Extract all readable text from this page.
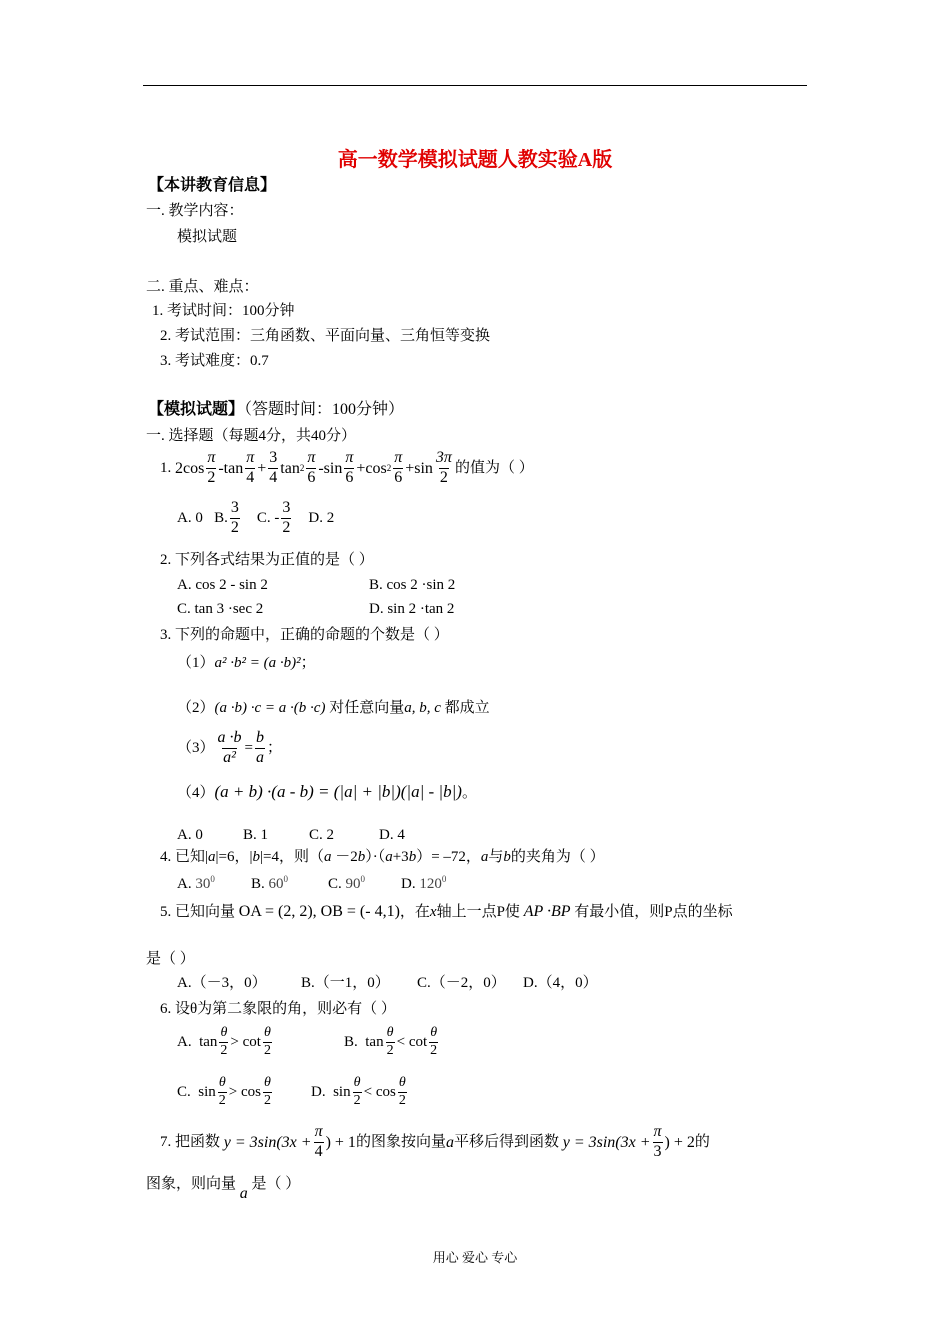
高一数学模拟试题人教实验A版
【本讲教育信息】
一. 教学内容：
模拟试题
二. 重点、难点：
1. 考试时间：100分钟
2. 考试范围：三角函数、平面向量、三角恒等变换
3. 考试难度：0.7
【模拟试题】（答题时间：100分钟）
一. 选择题（每题4分，共40分）
1.
$2\cos \frac{\pi}{2} - \tan \frac{\pi}{4} + \frac{3}{4}$ $\tan 2 \frac{\pi}{6} - \sin \frac{\pi}{6} + \cos 2 \frac{\pi}{6} + \sin \frac{3\pi}{2}$ 的值为（ ）
A. 0
B. $\frac{3}{2}$
C. - $\frac{3}{2}$
D. 2
2. 下列各式结果为正值的是（ ）
A. cos 2 - sin 2	B. cos 2 ·sin 2
C. tan 3 ·sec 2	D. sin 2 ·tan 2
3. 下列的命题中，正确的命题的个数是（ ）
（1）a² ·b² = (a ·b)²；
（2）(a ·b) ·c = a ·(b ·c) 对任意向量a, b, c 都成立
$(3) \frac{a \cdot b}{\text{a²}} = \frac{b}{a}$ ；
（4）(a + b) ·(a - b) = (|a| + |b|)(|a| - |b|)。
A. 0	B. 1	C. 2	D. 4
4. 已知|a|=6，|b|=4，则（a －2b）·（a+3b）= –72，a与b的夹角为（ ）
A. $30^0$ B. $60^0$	C. $90^0$ D. $120^0$
5. 已知向量 OA = (2, 2), OB = (- 4,1)，在x轴上一点P使 AP ·BP 有最小值，则P点的坐标
是（ ）
A.（－3，0） B.（一1，0） C.（－2，0） D.（4，0）
6. 设θ为第二象限的角，则必有（ ）
A.
$\tan \frac{\theta}{2}$ >
$\cot \frac{\theta}{2}$	B.
$\tan \frac{\theta}{2}$ <
$\cot \frac{\theta}{2}$
C.
$\sin \frac{\theta}{2}$ >
$\cos \frac{\theta}{2}$	D.
$\sin \frac{\theta}{2}$ <
$\cos \frac{\theta}{2}$
7. 把函数
$y = 3\sin(3x + \frac{\pi}{4}$ ) + 1 的图象按向量 a 平移后得到函数
$y = 3\sin(3x + \frac{\pi}{3}$ ) + 2 的
图象，则向量 a 是（ ）
用心 爱心 专心
